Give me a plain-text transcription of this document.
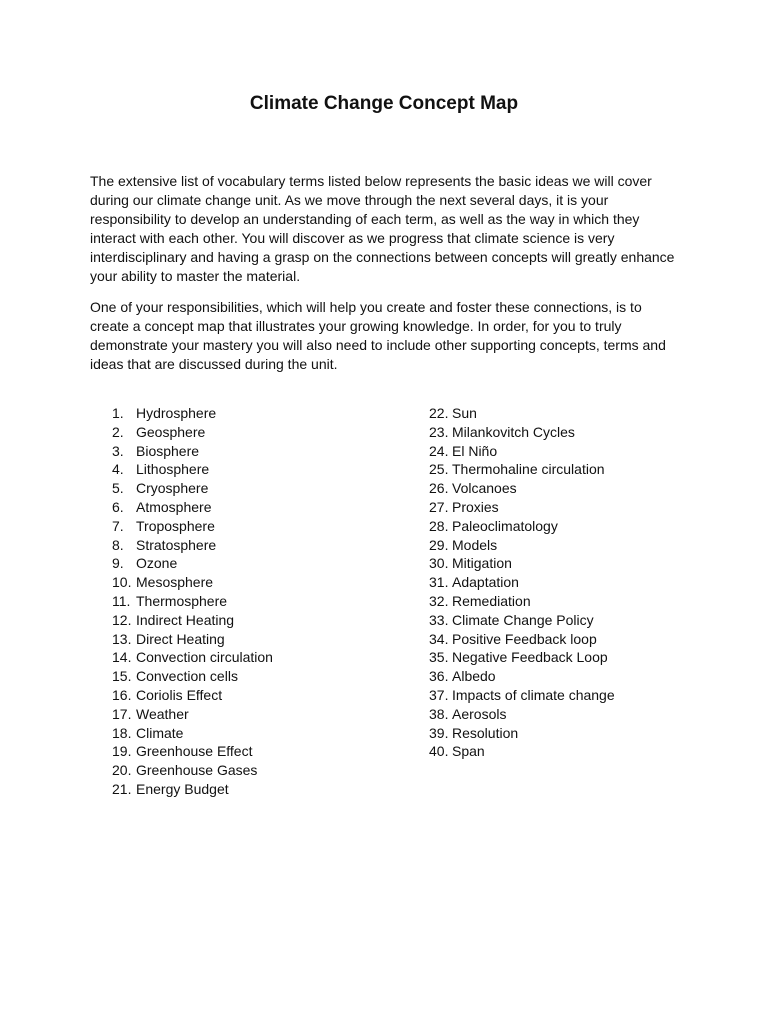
Climate Change Concept Map

The extensive list of vocabulary terms listed below represents the basic ideas we will cover during our climate change unit. As we move through the next several days, it is your responsibility to develop an understanding of each term, as well as the way in which they interact with each other. You will discover as we progress that climate science is very interdisciplinary and having a grasp on the connections between concepts will greatly enhance your ability to master the material.

One of your responsibilities, which will help you create and foster these connections, is to create a concept map that illustrates your growing knowledge. In order, for you to truly demonstrate your mastery you will also need to include other supporting concepts, terms and ideas that are discussed during the unit.

1. Hydrosphere
2. Geosphere
3. Biosphere
4. Lithosphere
5. Cryosphere
6. Atmosphere
7. Troposphere
8. Stratosphere
9. Ozone
10. Mesosphere
11. Thermosphere
12. Indirect Heating
13. Direct Heating
14. Convection circulation
15. Convection cells
16. Coriolis Effect
17. Weather
18. Climate
19. Greenhouse Effect
20. Greenhouse Gases
21. Energy Budget
22. Sun
23. Milankovitch Cycles
24. El Niño
25. Thermohaline circulation
26. Volcanoes
27. Proxies
28. Paleoclimatology
29. Models
30. Mitigation
31. Adaptation
32. Remediation
33. Climate Change Policy
34. Positive Feedback loop
35. Negative Feedback Loop
36. Albedo
37. Impacts of climate change
38. Aerosols
39. Resolution
40. Span
